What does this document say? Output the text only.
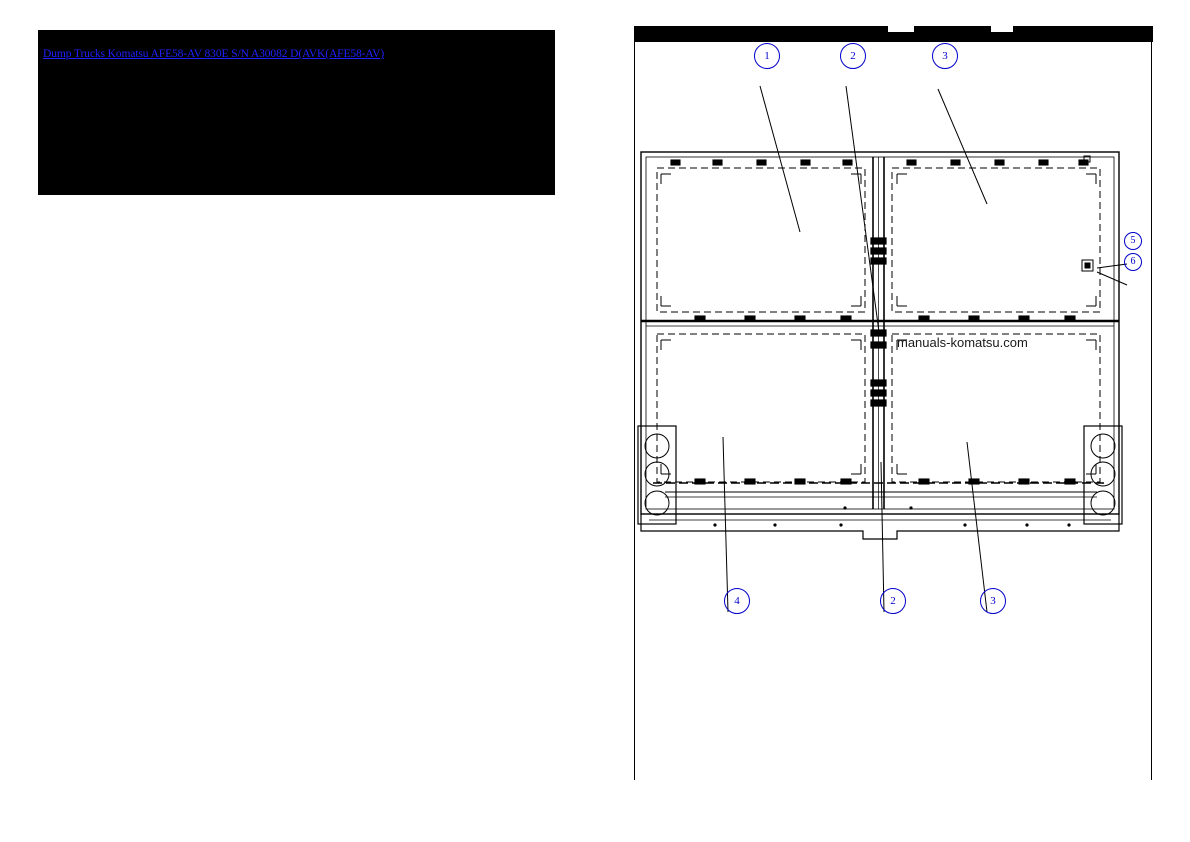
Dump Trucks Komatsu AFE58-AV 830E S/N A30082 D(AVK(AFE58-AV)
manuals-komatsu.com
1	2	3
5
6
4	2	3
